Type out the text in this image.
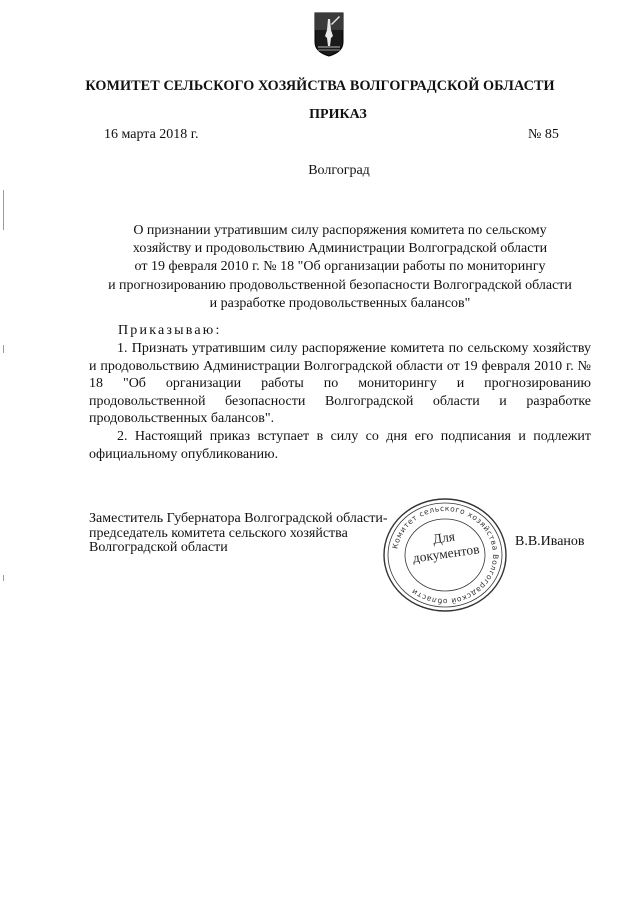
КОМИТЕТ СЕЛЬСКОГО ХОЗЯЙСТВА ВОЛГОГРАДСКОЙ ОБЛАСТИ
ПРИКАЗ
16 марта 2018 г.	№ 85
Волгоград
О признании утратившим силу распоряжения комитета по сельскому
хозяйству и продовольствию Администрации Волгоградской области
от 19 февраля 2010 г. № 18 "Об организации работы по мониторингу
и прогнозированию продовольственной безопасности Волгоградской области
и разработке продовольственных балансов"
Приказываю:

1. Признать утратившим силу распоряжение комитета по сельскому хозяйству и продовольствию Администрации Волгоградской области от 19 февраля 2010 г. № 18 "Об организации работы по мониторингу и прогнозированию продовольственной безопасности Волгоградской области и разработке продовольственных балансов".

2. Настоящий приказ вступает в силу со дня его подписания и подлежит официальному опубликованию.

Заместитель Губернатора Волгоградской области-
председатель комитета сельского хозяйства
Волгоградской области	Комитет сельского хозяйства Волгоградской области
Для
документов	В.В.Иванов
